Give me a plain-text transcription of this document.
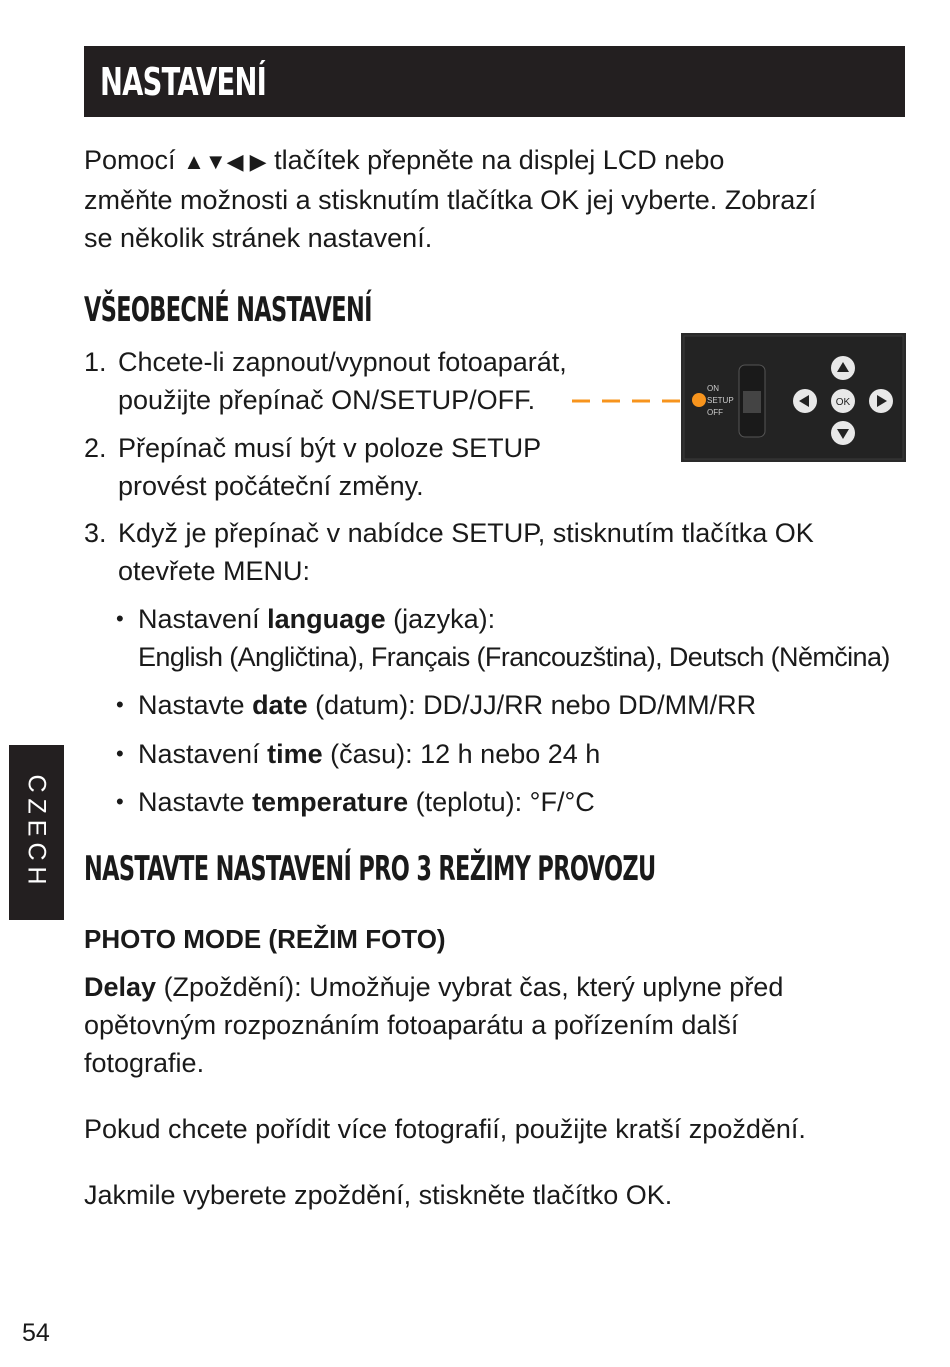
NASTAVENÍ
Pomocí ▲▼◀ ▶ tlačítek přepněte na displej LCD nebo
změňte možnosti a stisknutím tlačítka OK jej vyberte. Zobrazí
se několik stránek nastavení.
VŠEOBECNÉ NASTAVENÍ
1. Chcete-li zapnout/vypnout fotoaparát,
použijte přepínač ON/SETUP/OFF.
2. Přepínač musí být v poloze SETUP
provést počáteční změny.
3. Když je přepínač v nabídce SETUP, stisknutím tlačítka OK
otevřete MENU:
• Nastavení language (jazyka):
English (Angličtina), Français (Francouzština), Deutsch (Němčina)
• Nastavte date (datum): DD/JJ/RR nebo DD/MM/RR
• Nastavení time (času): 12 h nebo 24 h
• Nastavte temperature (teplotu): °F/°C
ON
SETUP
OFF
OK
NASTAVTE NASTAVENÍ PRO 3 REŽIMY PROVOZU
PHOTO MODE (REŽIM FOTO)
Delay (Zpoždění): Umožňuje vybrat čas, který uplyne před
opětovným rozpoznáním fotoaparátu a pořízením další
fotografie.
Pokud chcete pořídit více fotografií, použijte kratší zpoždění.
Jakmile vyberete zpoždění, stiskněte tlačítko OK.
CZECH
54
